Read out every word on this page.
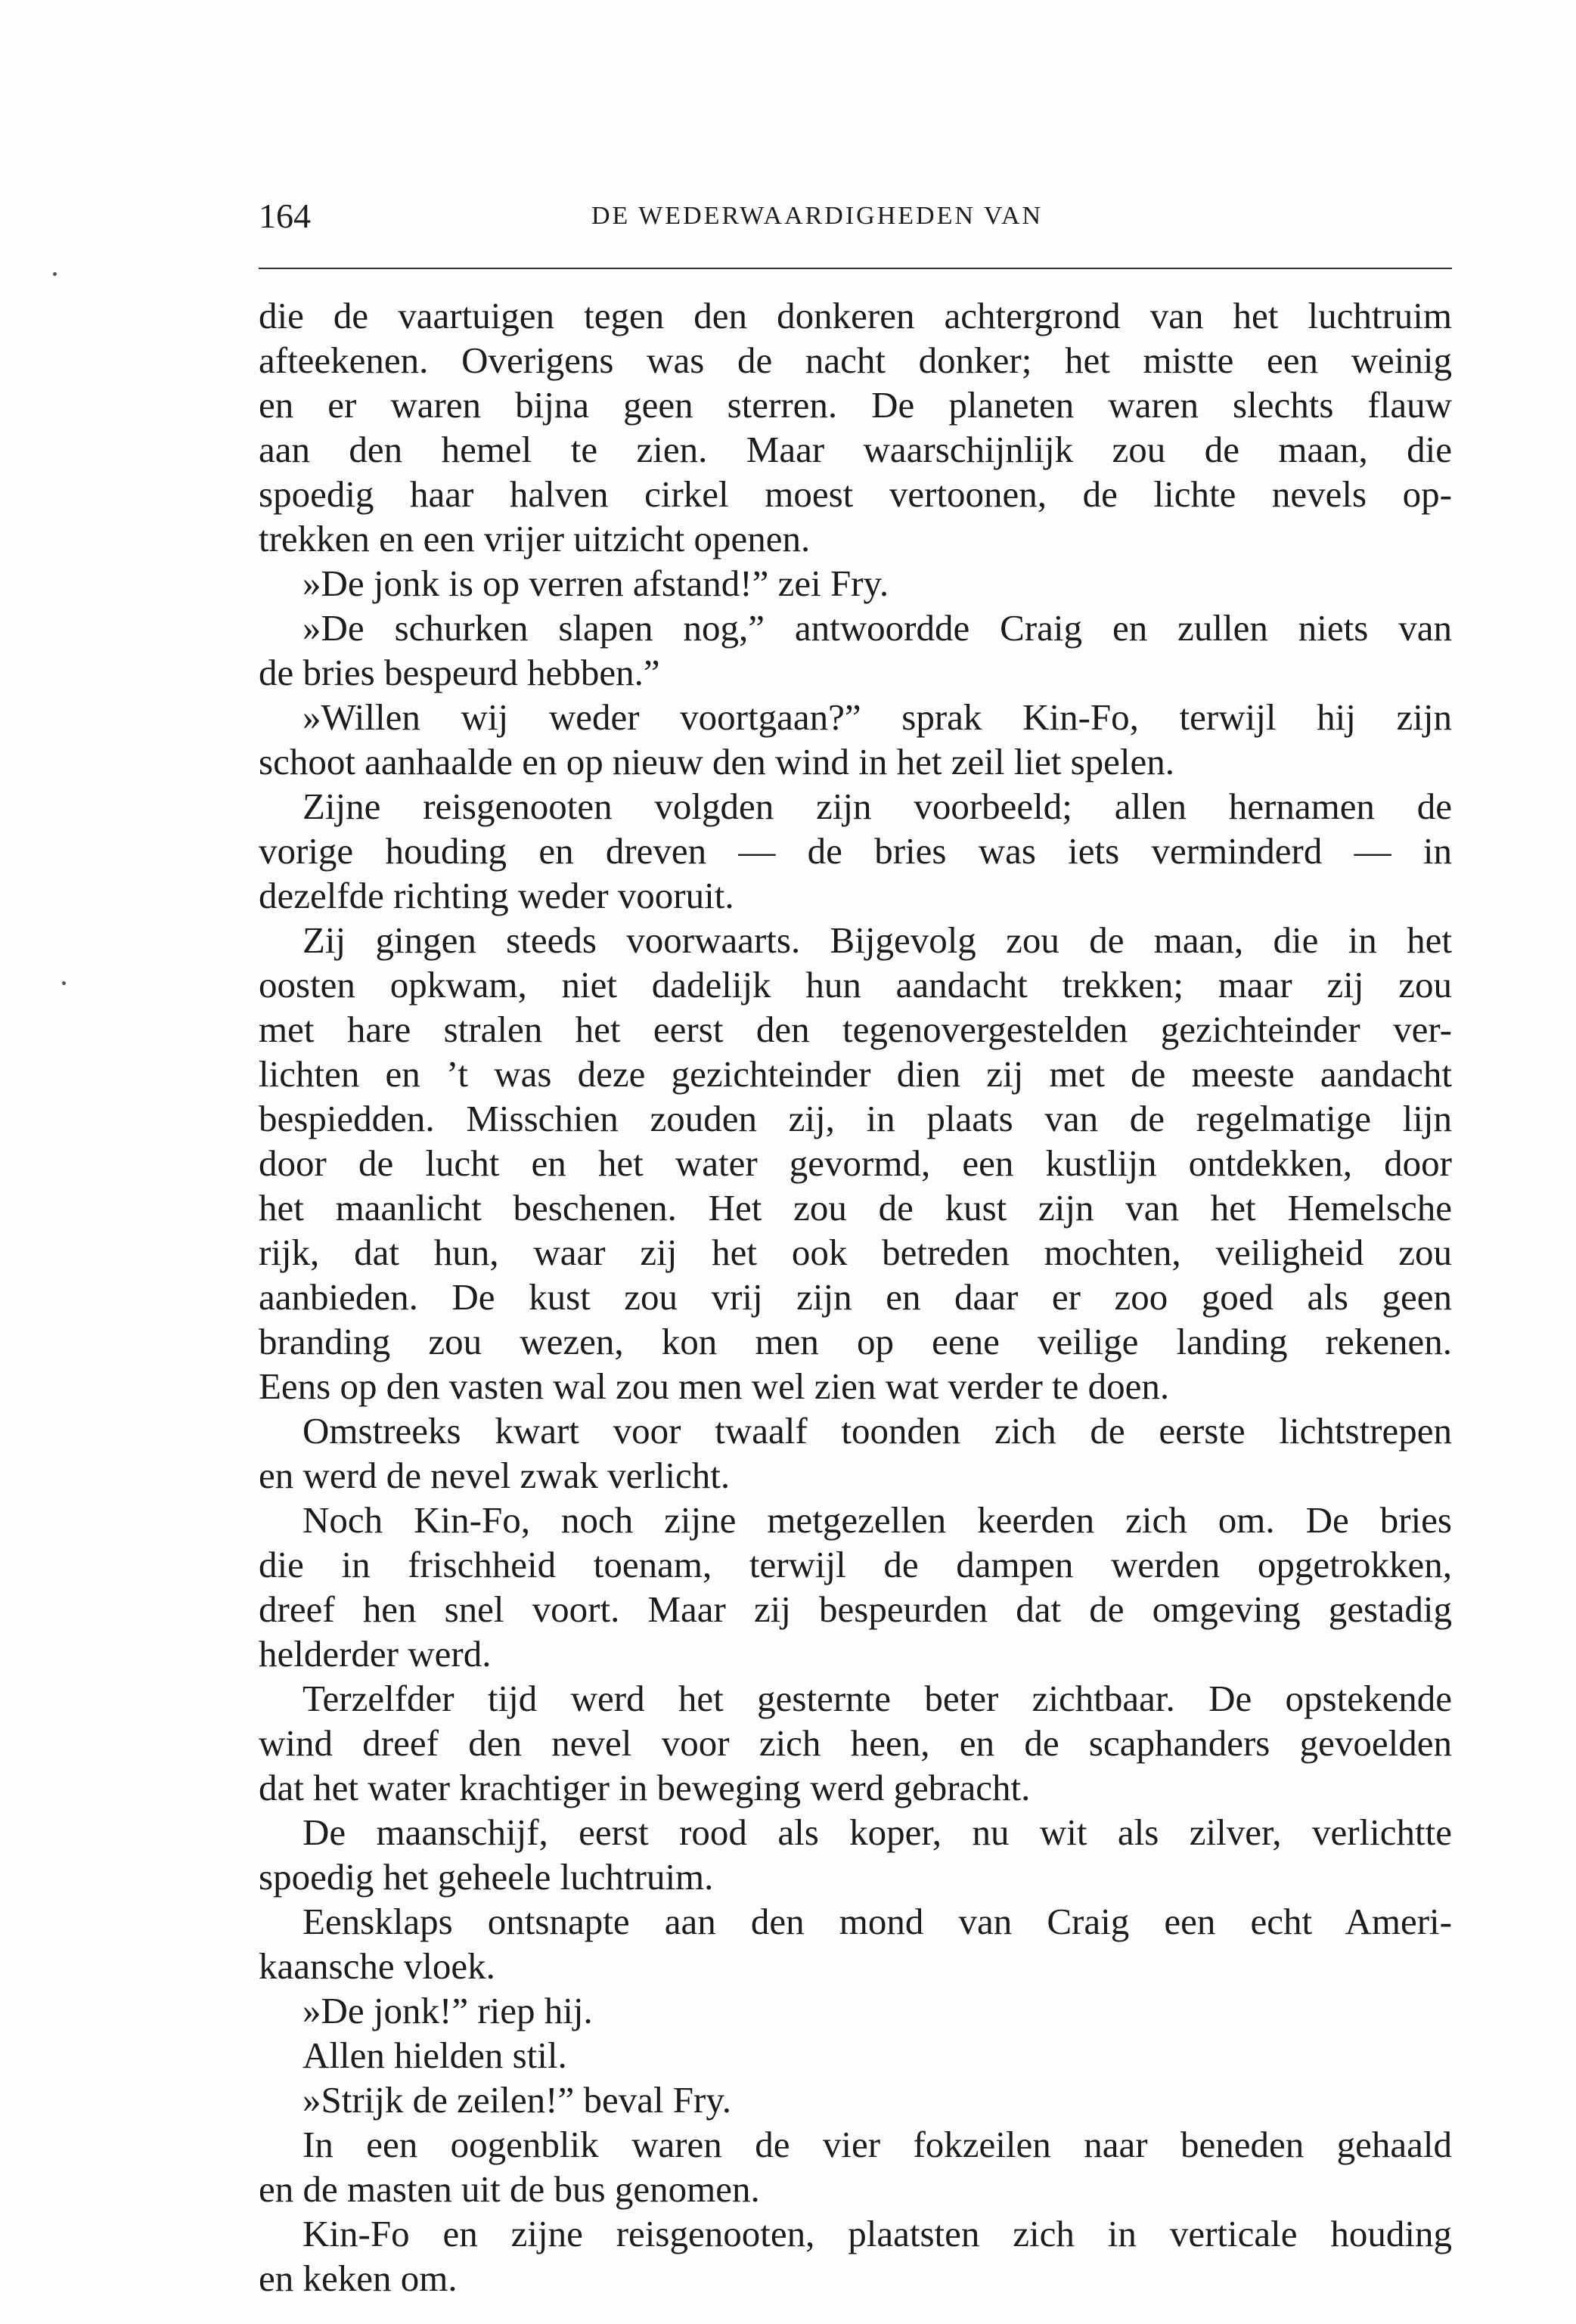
164	DE WEDERWAARDIGHEDEN VAN
die de vaartuigen tegen den donkeren achtergrond van het luchtruim
afteekenen. Overigens was de nacht donker; het mistte een weinig
en er waren bijna geen sterren. De planeten waren slechts flauw
aan den hemel te zien. Maar waarschijnlijk zou de maan, die
spoedig haar halven cirkel moest vertoonen, de lichte nevels op-
trekken en een vrijer uitzicht openen.
»De jonk is op verren afstand!” zei Fry.
»De schurken slapen nog,” antwoordde Craig en zullen niets van
de bries bespeurd hebben.”
»Willen wij weder voortgaan?” sprak Kin-Fo, terwijl hij zijn
schoot aanhaalde en op nieuw den wind in het zeil liet spelen.
Zijne reisgenooten volgden zijn voorbeeld; allen hernamen de
vorige houding en dreven — de bries was iets verminderd — in
dezelfde richting weder vooruit.
Zij gingen steeds voorwaarts. Bijgevolg zou de maan, die in het
oosten opkwam, niet dadelijk hun aandacht trekken; maar zij zou
met hare stralen het eerst den tegenovergestelden gezichteinder ver-
lichten en ’t was deze gezichteinder dien zij met de meeste aandacht
bespiedden. Misschien zouden zij, in plaats van de regelmatige lijn
door de lucht en het water gevormd, een kustlijn ontdekken, door
het maanlicht beschenen. Het zou de kust zijn van het Hemelsche
rijk, dat hun, waar zij het ook betreden mochten, veiligheid zou
aanbieden. De kust zou vrij zijn en daar er zoo goed als geen
branding zou wezen, kon men op eene veilige landing rekenen.
Eens op den vasten wal zou men wel zien wat verder te doen.
Omstreeks kwart voor twaalf toonden zich de eerste lichtstrepen
en werd de nevel zwak verlicht.
Noch Kin-Fo, noch zijne metgezellen keerden zich om. De bries
die in frischheid toenam, terwijl de dampen werden opgetrokken,
dreef hen snel voort. Maar zij bespeurden dat de omgeving gestadig
helderder werd.
Terzelfder tijd werd het gesternte beter zichtbaar. De opstekende
wind dreef den nevel voor zich heen, en de scaphanders gevoelden
dat het water krachtiger in beweging werd gebracht.
De maanschijf, eerst rood als koper, nu wit als zilver, verlichtte
spoedig het geheele luchtruim.
Eensklaps ontsnapte aan den mond van Craig een echt Ameri-
kaansche vloek.
»De jonk!” riep hij.
Allen hielden stil.
»Strijk de zeilen!” beval Fry.
In een oogenblik waren de vier fokzeilen naar beneden gehaald
en de masten uit de bus genomen.
Kin-Fo en zijne reisgenooten, plaatsten zich in verticale houding
en keken om.
